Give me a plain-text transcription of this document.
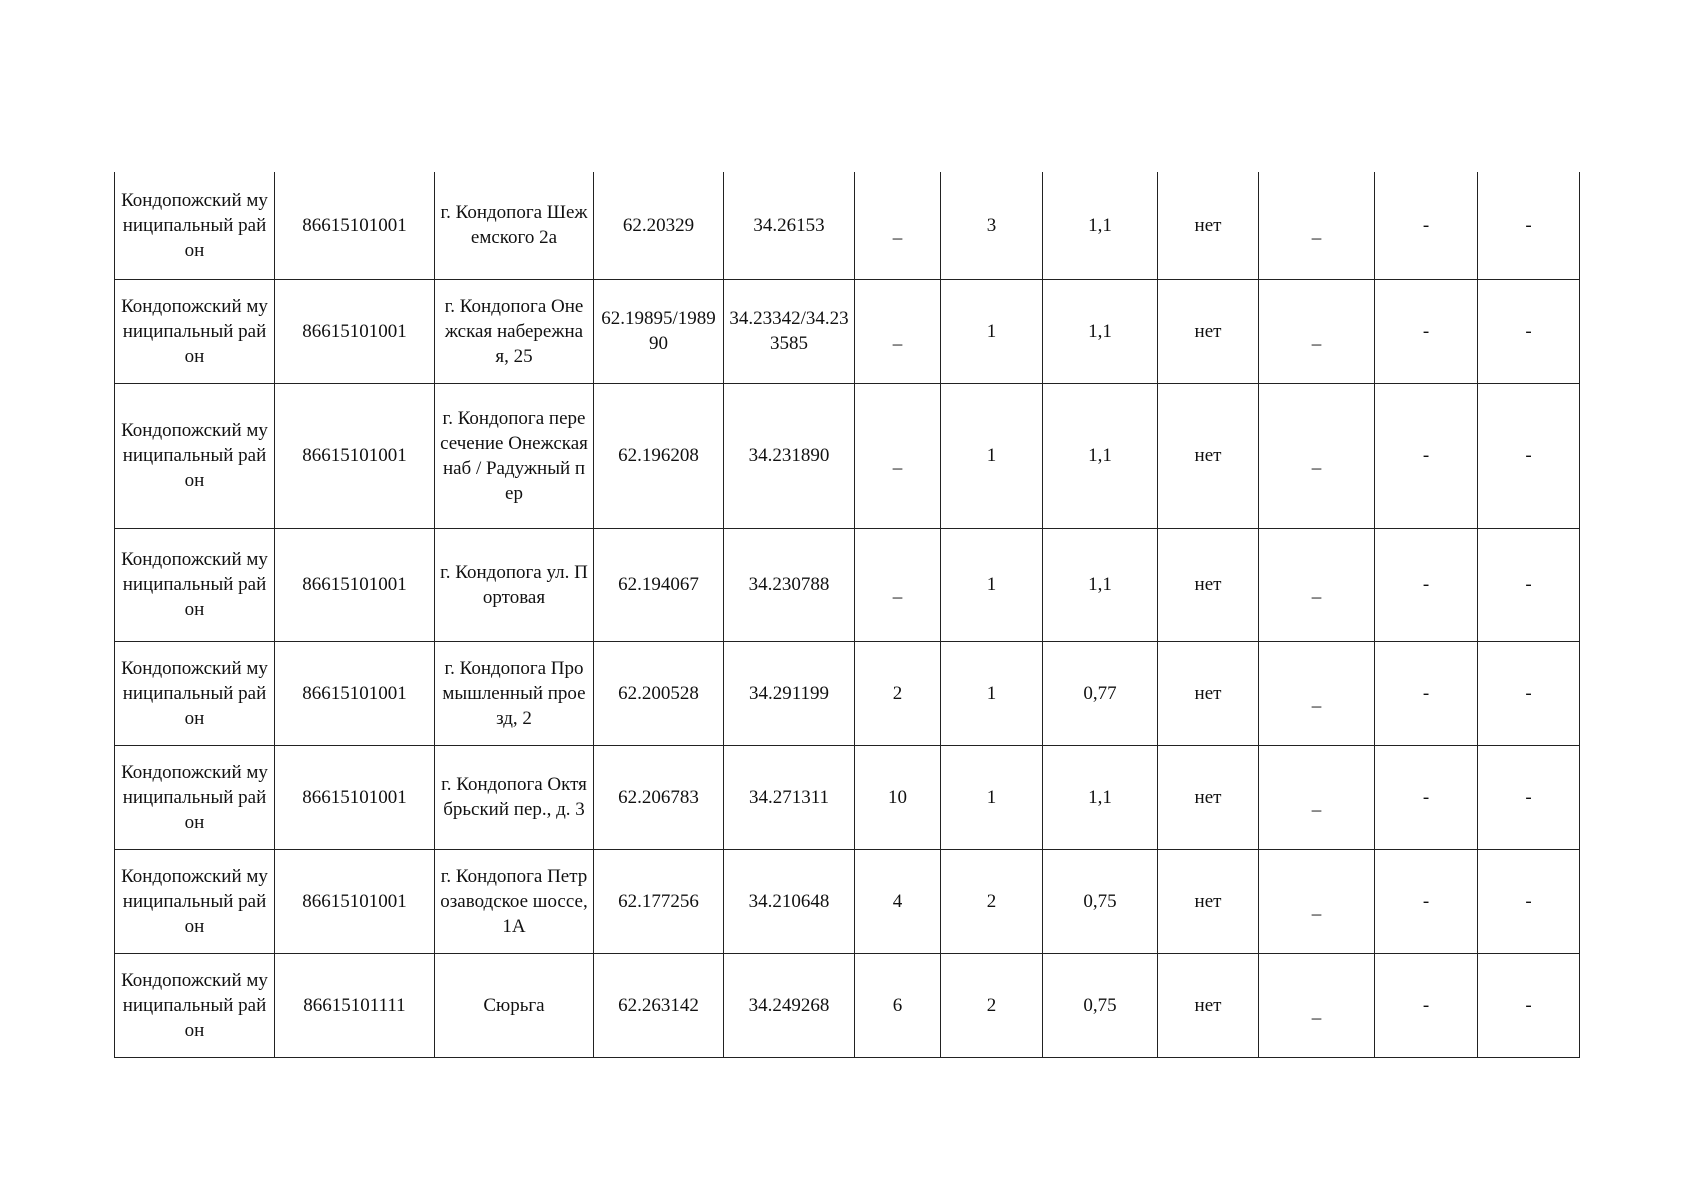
Кондопожский муниципальный район	86615101001	г. Кондопога Шежемского 2а	62.20329	34.26153	_	3	1,1	нет	_	-	-
Кондопожский муниципальный район	86615101001	г. Кондопога Онежская набережная, 25	62.19895/198990	34.23342/34.233585	_	1	1,1	нет	_	-	-
Кондопожский муниципальный район	86615101001	г. Кондопога пересечение Онежская наб / Радужный пер	62.196208	34.231890	_	1	1,1	нет	_	-	-
Кондопожский муниципальный район	86615101001	г. Кондопога ул. Портовая	62.194067	34.230788	_	1	1,1	нет	_	-	-
Кондопожский муниципальный район	86615101001	г. Кондопога Промышленный проезд, 2	62.200528	34.291199	2	1	0,77	нет	_	-	-
Кондопожский муниципальный район	86615101001	г. Кондопога Октябрьский пер., д. 3	62.206783	34.271311	10	1	1,1	нет	_	-	-
Кондопожский муниципальный район	86615101001	г. Кондопога Петрозаводское шоссе, 1А	62.177256	34.210648	4	2	0,75	нет	_	-	-
Кондопожский муниципальный район	86615101111	Сюрьга	62.263142	34.249268	6	2	0,75	нет	_	-	-
